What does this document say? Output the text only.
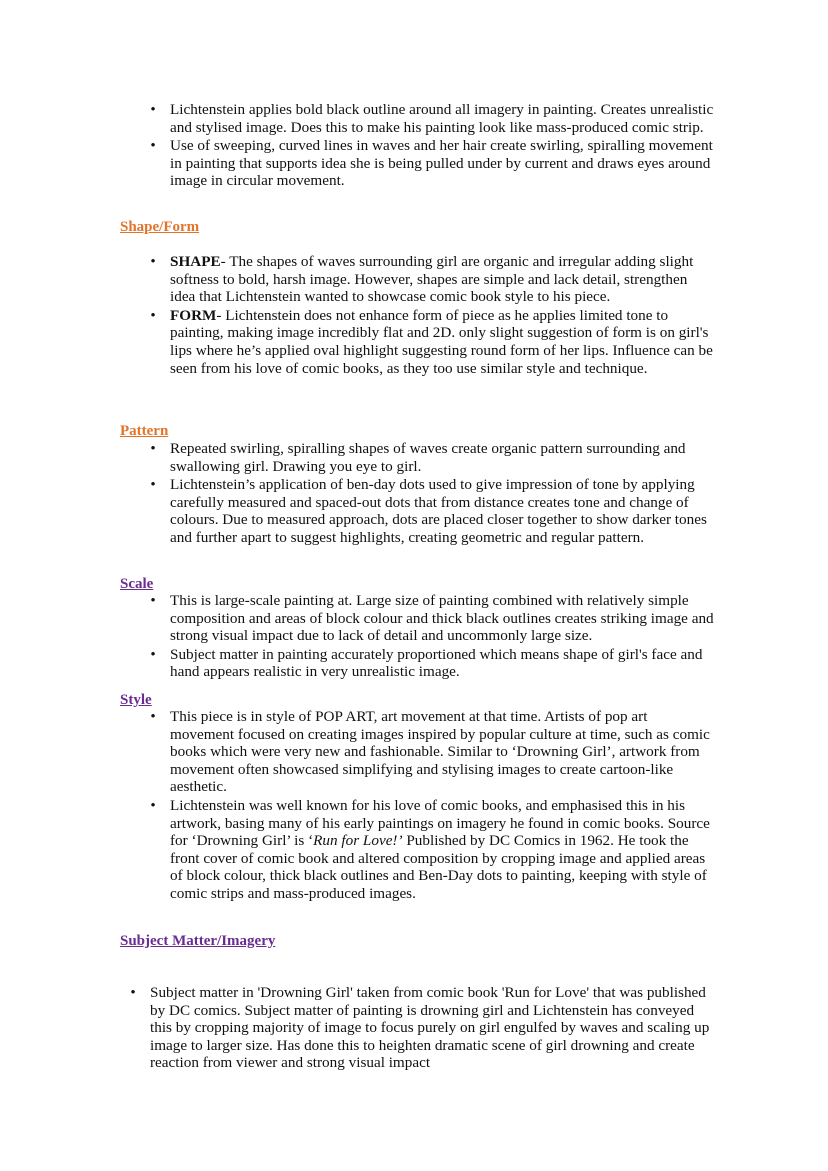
• Lichtenstein applies bold black outline around all imagery in painting. Creates unrealistic and stylised image. Does this to make his painting look like mass-produced comic strip.
• Use of sweeping, curved lines in waves and her hair create swirling, spiralling movement in painting that supports idea she is being pulled under by current and draws eyes around image in circular movement.
Shape/Form
• SHAPE- The shapes of waves surrounding girl are organic and irregular adding slight softness to bold, harsh image. However, shapes are simple and lack detail, strengthen idea that Lichtenstein wanted to showcase comic book style to his piece.
• FORM- Lichtenstein does not enhance form of piece as he applies limited tone to painting, making image incredibly flat and 2D. only slight suggestion of form is on girl's lips where he’s applied oval highlight suggesting round form of her lips. Influence can be seen from his love of comic books, as they too use similar style and technique.
Pattern
• Repeated swirling, spiralling shapes of waves create organic pattern surrounding and swallowing girl. Drawing you eye to girl.
• Lichtenstein’s application of ben-day dots used to give impression of tone by applying carefully measured and spaced-out dots that from distance creates tone and change of colours. Due to measured approach, dots are placed closer together to show darker tones and further apart to suggest highlights, creating geometric and regular pattern.
Scale
• This is large-scale painting at. Large size of painting combined with relatively simple composition and areas of block colour and thick black outlines creates striking image and strong visual impact due to lack of detail and uncommonly large size.
• Subject matter in painting accurately proportioned which means shape of girl's face and hand appears realistic in very unrealistic image.
Style
• This piece is in style of POP ART, art movement at that time. Artists of pop art movement focused on creating images inspired by popular culture at time, such as comic books which were very new and fashionable. Similar to ‘Drowning Girl’, artwork from movement often showcased simplifying and stylising images to create cartoon-like aesthetic.
• Lichtenstein was well known for his love of comic books, and emphasised this in his artwork, basing many of his early paintings on imagery he found in comic books. Source for ‘Drowning Girl’ is ‘Run for Love!’ Published by DC Comics in 1962. He took the front cover of comic book and altered composition by cropping image and applied areas of block colour, thick black outlines and Ben-Day dots to painting, keeping with style of comic strips and mass-produced images.
Subject Matter/Imagery
• Subject matter in 'Drowning Girl' taken from comic book 'Run for Love' that was published by DC comics. Subject matter of painting is drowning girl and Lichtenstein has conveyed this by cropping majority of image to focus purely on girl engulfed by waves and scaling up image to larger size. Has done this to heighten dramatic scene of girl drowning and create reaction from viewer and strong visual impact
